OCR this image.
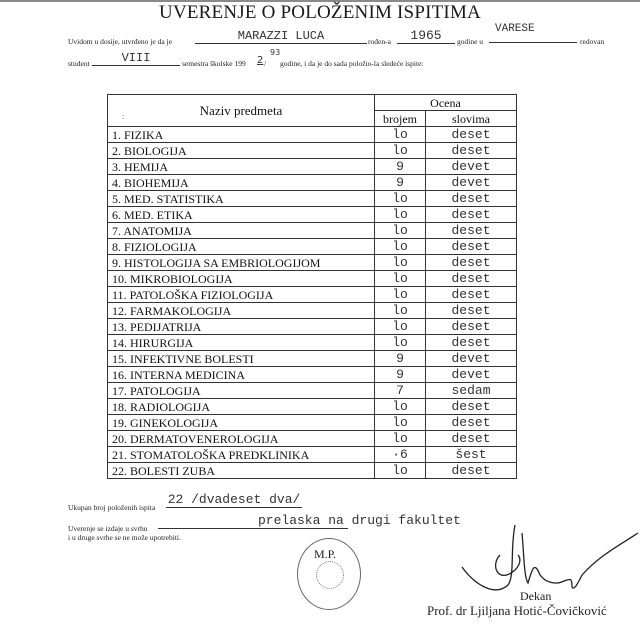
UVERENJE O POLOŽENIM ISPITIMA
Uvidom u dosije, utvrđeno je da je	MARAZZI LUCA	rođen-a	1965	godine u
VARESE
redovan
student	VIII	semestra školske 199 2 /
93
godine, i da je do sada položio-la sledeće ispite:
Naziv predmeta
:	Ocena	
	brojem	slovima
1. FIZIKA	lo	deset
2. BIOLOGIJA	lo	deset
3. HEMIJA	9	devet
4. BIOHEMIJA	9	devet
5. MED. STATISTIKA	lo	deset
6. MED. ETIKA	lo	deset
7. ANATOMIJA	lo	deset
8. FIZIOLOGIJA	lo	deset
9. HISTOLOGIJA SA EMBRIOLOGIJOM	lo	deset
10. MIKROBIOLOGIJA	lo	deset
11. PATOLOŠKA FIZIOLOGIJA	lo	deset
12. FARMAKOLOGIJA	lo	deset
13. PEDIJATRIJA	lo	deset
14. HIRURGIJA	lo	deset
15. INFEKTIVNE BOLESTI	9	devet
16. INTERNA MEDICINA	9	devet
17. PATOLOGIJA	7	sedam
18. RADIOLOGIJA	lo	deset
19. GINEKOLOGIJA	lo	deset
20. DERMATOVENEROLOGIJA	lo	deset
21. STOMATOLOŠKA PREDKLINIKA	·6	šest
22. BOLESTI ZUBA	lo	deset
Ukupan broj položenih ispita
22 /dvadeset dva/
Uverenje se izdaje u svrhu
prelaska na drugi fakultet
i u druge svrhe se ne može upotrebiti.
M.P.
Dekan
Prof. dr Ljiljana Hotić-Čovičković
